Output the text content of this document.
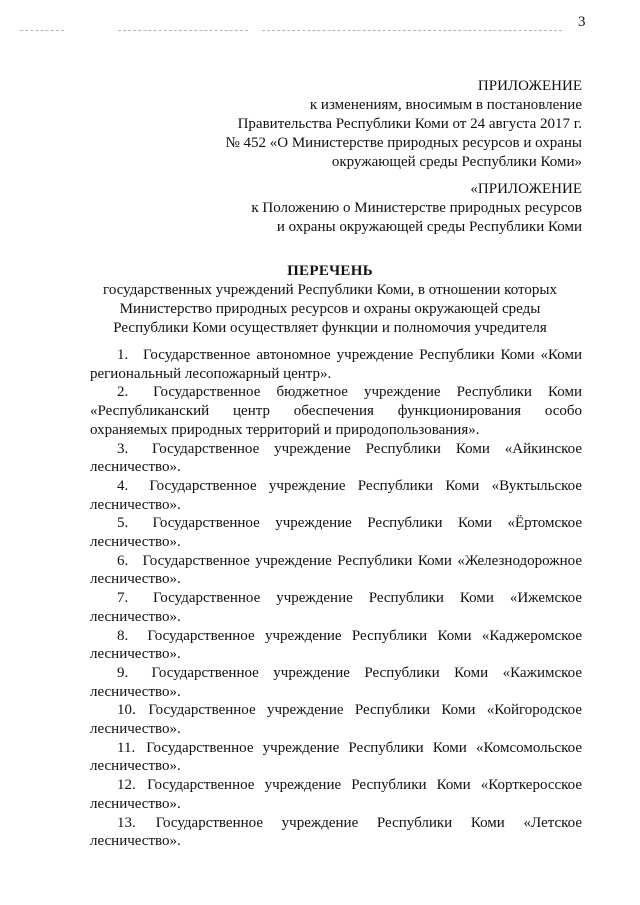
3
ПРИЛОЖЕНИЕ
к изменениям, вносимым в постановление
Правительства Республики Коми от 24 августа 2017 г.
№ 452 «О Министерстве природных ресурсов и охраны
окружающей среды Республики Коми»
«ПРИЛОЖЕНИЕ
к Положению о Министерстве природных ресурсов
и охраны окружающей среды Республики Коми
ПЕРЕЧЕНЬ
государственных учреждений Республики Коми, в отношении которых
Министерство природных ресурсов и охраны окружающей среды
Республики Коми осуществляет функции и полномочия учредителя
1. Государственное автономное учреждение Республики Коми «Коми региональный лесопожарный центр».
2. Государственное бюджетное учреждение Республики Коми «Республиканский центр обеспечения функционирования особо охраняемых природных территорий и природопользования».
3. Государственное учреждение Республики Коми «Айкинское лесничество».
4. Государственное учреждение Республики Коми «Вуктыльское лесничество».
5. Государственное учреждение Республики Коми «Ёртомское лесничество».
6. Государственное учреждение Республики Коми «Железнодорожное лесничество».
7. Государственное учреждение Республики Коми «Ижемское лесничество».
8. Государственное учреждение Республики Коми «Каджеромское лесничество».
9. Государственное учреждение Республики Коми «Кажимское лесничество».
10. Государственное учреждение Республики Коми «Койгородское лесничество».
11. Государственное учреждение Республики Коми «Комсомольское лесничество».
12. Государственное учреждение Республики Коми «Корткеросское лесничество».
13. Государственное учреждение Республики Коми «Летское лесничество».
